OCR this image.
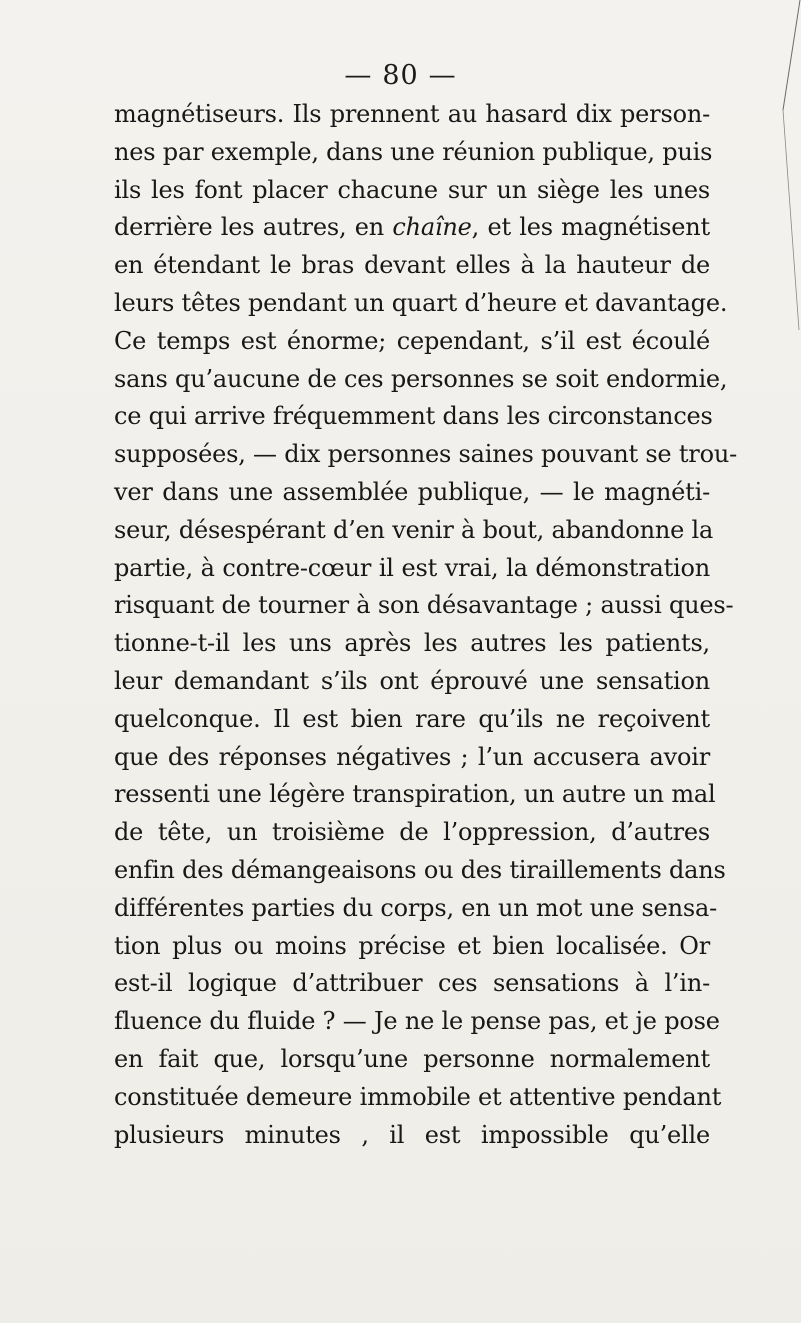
— 80 —
magnétiseurs. Ils prennent au hasard dix person-
nes par exemple, dans une réunion publique, puis
ils les font placer chacune sur un siège les unes
derrière les autres, en chaîne, et les magnétisent
en étendant le bras devant elles à la hauteur de
leurs têtes pendant un quart d’heure et davantage.
Ce temps est énorme; cependant, s’il est écoulé
sans qu’aucune de ces personnes se soit endormie,
ce qui arrive fréquemment dans les circonstances
supposées, — dix personnes saines pouvant se trou-
ver dans une assemblée publique, — le magnéti-
seur, désespérant d’en venir à bout, abandonne la
partie, à contre-cœur il est vrai, la démonstration
risquant de tourner à son désavantage ; aussi ques-
tionne-t-il les uns après les autres les patients,
leur demandant s’ils ont éprouvé une sensation
quelconque. Il est bien rare qu’ils ne reçoivent
que des réponses négatives ; l’un accusera avoir
ressenti une légère transpiration, un autre un mal
de tête, un troisième de l’oppression, d’autres
enfin des démangeaisons ou des tiraillements dans
différentes parties du corps, en un mot une sensa-
tion plus ou moins précise et bien localisée. Or
est-il logique d’attribuer ces sensations à l’in-
fluence du fluide ? — Je ne le pense pas, et je pose
en fait que, lorsqu’une personne normalement
constituée demeure immobile et attentive pendant
plusieurs minutes , il est impossible qu’elle
